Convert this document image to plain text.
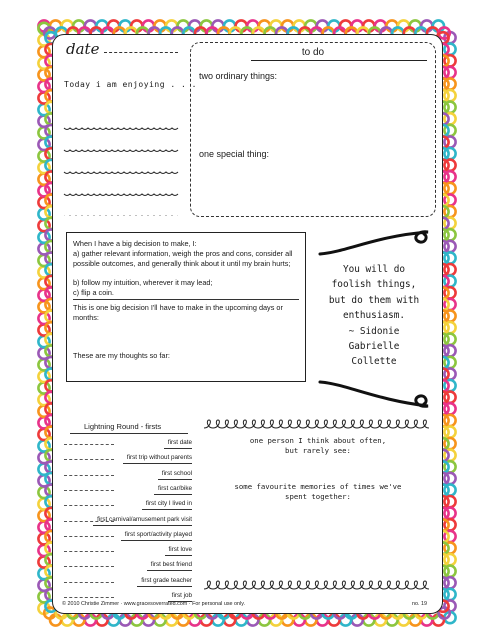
date
Today i am enjoying . . .
to do
two ordinary things:
one special thing:
When I have a big decision to make, I:
a) gather relevant information, weigh the pros and cons, consider all possible outcomes, and generally think about it until my brain hurts;
b) follow my intuition, wherever it may lead;
c) flip a coin.
This is one big decision I'll have to make in the upcoming days or months:
These are my thoughts so far:
You will do
foolish things,
but do them with
enthusiasm.
~ Sidonie
Gabrielle
Collette
Lightning Round - firsts
first date
first trip without parents
first school
first car/bike
first city I lived in
first carnival/amusement park visit
first sport/activity played
first love
first best friend
first grade teacher
first job
one person I think about often,
but rarely see:
some favourite memories of times we've
spent together:
© 2010 Christie Zimmer · www.gracesoverrated.com · For personal use only.	no. 19
